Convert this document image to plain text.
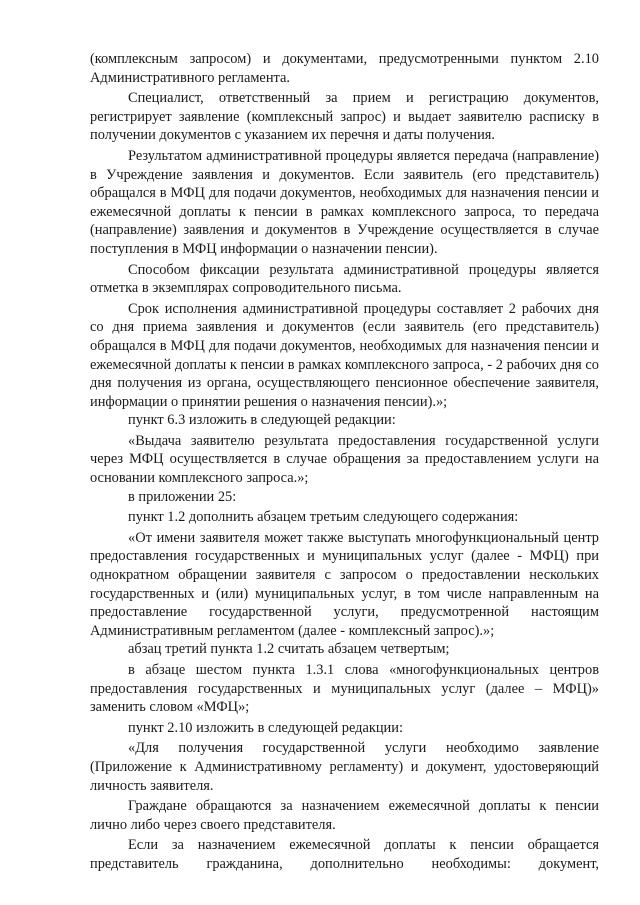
(комплексным запросом) и документами, предусмотренными пунктом 2.10 Административного регламента.

Специалист, ответственный за прием и регистрацию документов, регистрирует заявление (комплексный запрос) и выдает заявителю расписку в получении документов с указанием их перечня и даты получения.

Результатом административной процедуры является передача (направление) в Учреждение заявления и документов. Если заявитель (его представитель) обращался в МФЦ для подачи документов, необходимых для назначения пенсии и ежемесячной доплаты к пенсии в рамках комплексного запроса, то передача (направление) заявления и документов в Учреждение осуществляется в случае поступления в МФЦ информации о назначении пенсии).

Способом фиксации результата административной процедуры является отметка в экземплярах сопроводительного письма.

Срок исполнения административной процедуры составляет 2 рабочих дня со дня приема заявления и документов (если заявитель (его представитель) обращался в МФЦ для подачи документов, необходимых для назначения пенсии и ежемесячной доплаты к пенсии в рамках комплексного запроса, - 2 рабочих дня со дня получения из органа, осуществляющего пенсионное обеспечение заявителя, информации о принятии решения о назначения пенсии).»;

пункт 6.3 изложить в следующей редакции:

«Выдача заявителю результата предоставления государственной услуги через МФЦ осуществляется в случае обращения за предоставлением услуги на основании комплексного запроса.»;

в приложении 25:

пункт 1.2 дополнить абзацем третьим следующего содержания:

«От имени заявителя может также выступать многофункциональный центр предоставления государственных и муниципальных услуг (далее - МФЦ) при однократном обращении заявителя с запросом о предоставлении нескольких государственных и (или) муниципальных услуг, в том числе направленным на предоставление государственной услуги, предусмотренной настоящим Административным регламентом (далее - комплексный запрос).»;

абзац третий пункта 1.2 считать абзацем четвертым;

в абзаце шестом пункта 1.3.1 слова «многофункциональных центров предоставления государственных и муниципальных услуг (далее – МФЦ)» заменить словом «МФЦ»;

пункт 2.10 изложить в следующей редакции:

«Для получения государственной услуги необходимо заявление (Приложение к Административному регламенту) и документ, удостоверяющий личность заявителя.

Граждане обращаются за назначением ежемесячной доплаты к пенсии лично либо через своего представителя.

Если за назначением ежемесячной доплаты к пенсии обращается представитель гражданина, дополнительно необходимы: документ,
